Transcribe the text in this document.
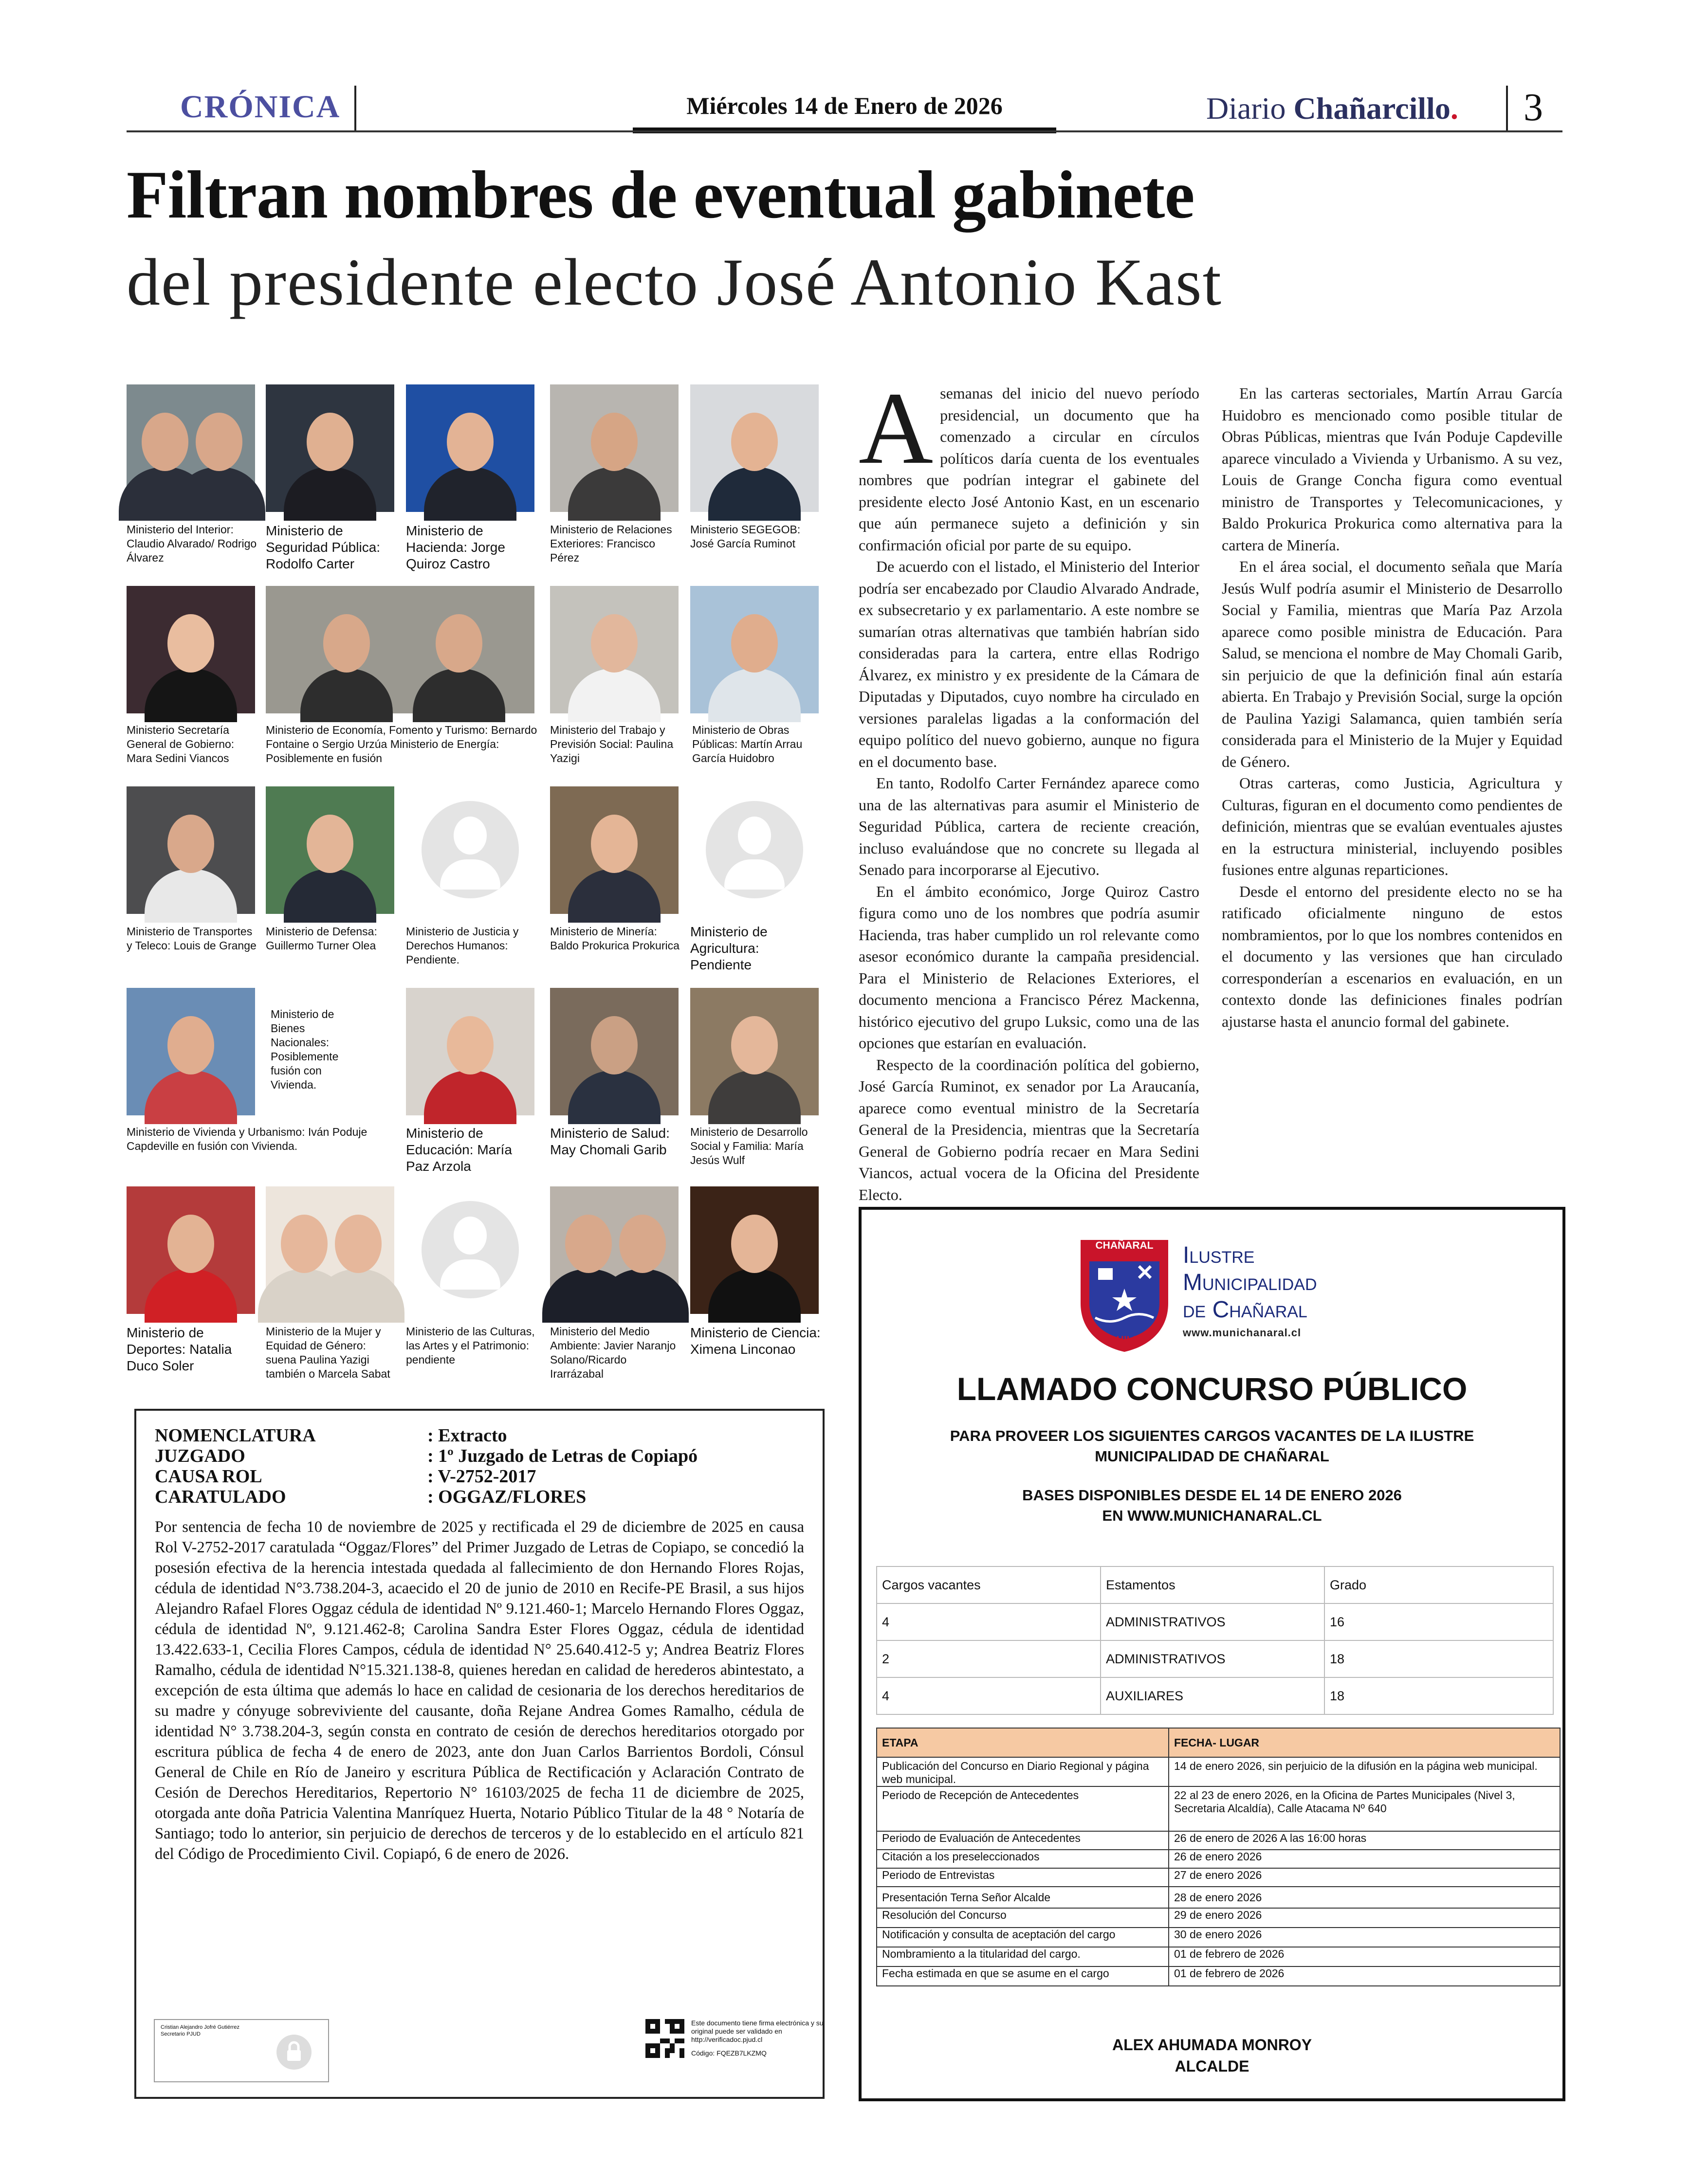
CRÓNICA	Miércoles 14 de Enero de 2026	Diario Chañarcillo. 3
Filtran nombres de eventual gabinete
del presidente electo José Antonio Kast
Ministerio del Interior: Claudio Alvarado/ Rodrigo Álvarez
Ministerio de Seguridad Pública: Rodolfo Carter
Ministerio de Hacienda: Jorge Quiroz Castro
Ministerio de Relaciones Exteriores: Francisco Pérez
Ministerio SEGEGOB: José García Ruminot
Ministerio Secretaría General de Gobierno: Mara Sedini Viancos
Ministerio de Economía, Fomento y Turismo: Bernardo Fontaine o Sergio Urzúa Ministerio de Energía: Posiblemente en fusión
Ministerio del Trabajo y Previsión Social: Paulina Yazigi
Ministerio de Obras Públicas: Martín Arrau García Huidobro
Ministerio de Transportes y Teleco: Louis de Grange
Ministerio de Defensa: Guillermo Turner Olea
Ministerio de Justicia y Derechos Humanos: Pendiente.
Ministerio de Minería: Baldo Prokurica Prokurica
Ministerio de Agricultura: Pendiente
Ministerio de Bienes Nacionales: Posiblemente fusión con Vivienda.
Ministerio de Vivienda y Urbanismo: Iván Poduje Capdeville en fusión con Vivienda.
Ministerio de Educación: María Paz Arzola
Ministerio de Salud: May Chomali Garib
Ministerio de Desarrollo Social y Familia: María Jesús Wulf
Ministerio de Deportes: Natalia Duco Soler
Ministerio de la Mujer y Equidad de Género: suena Paulina Yazigi también o Marcela Sabat
Ministerio de las Culturas, las Artes y el Patrimonio: pendiente
Ministerio del Medio Ambiente: Javier Naranjo Solano/Ricardo Irarrázabal
Ministerio de Ciencia: Ximena Linconao

Asemanas del inicio del nuevo período presidencial, un documento que ha comenzado a circular en círculos políticos daría cuenta de los eventuales nombres que podrían integrar el gabinete del presidente electo José Antonio Kast, en un escenario que aún permanece sujeto a definición y sin confirmación oficial por parte de su equipo.

De acuerdo con el listado, el Ministerio del Interior podría ser encabezado por Claudio Alvarado Andrade, ex subsecretario y ex parlamentario. A este nombre se sumarían otras alternativas que también habrían sido consideradas para la cartera, entre ellas Rodrigo Álvarez, ex ministro y ex presidente de la Cámara de Diputadas y Diputados, cuyo nombre ha circulado en versiones paralelas ligadas a la conformación del equipo político del nuevo gobierno, aunque no figura en el documento base.

En tanto, Rodolfo Carter Fernández aparece como una de las alternativas para asumir el Ministerio de Seguridad Pública, cartera de reciente creación, incluso evaluándose que no concrete su llegada al Senado para incorporarse al Ejecutivo.

En el ámbito económico, Jorge Quiroz Castro figura como uno de los nombres que podría asumir Hacienda, tras haber cumplido un rol relevante como asesor económico durante la campaña presidencial. Para el Ministerio de Relaciones Exteriores, el documento menciona a Francisco Pérez Mackenna, histórico ejecutivo del grupo Luksic, como una de las opciones que estarían en evaluación.

Respecto de la coordinación política del gobierno, José García Ruminot, ex senador por La Araucanía, aparece como eventual ministro de la Secretaría General de la Presidencia, mientras que la Secretaría General de Gobierno podría recaer en Mara Sedini Viancos, actual vocera de la Oficina del Presidente Electo.

En las carteras sectoriales, Martín Arrau García Huidobro es mencionado como posible titular de Obras Públicas, mientras que Iván Poduje Capdeville aparece vinculado a Vivienda y Urbanismo. A su vez, Louis de Grange Concha figura como eventual ministro de Transportes y Telecomunicaciones, y Baldo Prokurica Prokurica como alternativa para la cartera de Minería.

En el área social, el documento señala que María Jesús Wulf podría asumir el Ministerio de Desarrollo Social y Familia, mientras que María Paz Arzola aparece como posible ministra de Educación. Para Salud, se menciona el nombre de May Chomali Garib, sin perjuicio de que la definición final aún estaría abierta. En Trabajo y Previsión Social, surge la opción de Paulina Yazigi Salamanca, quien también sería considerada para el Ministerio de la Mujer y Equidad de Género.

Otras carteras, como Justicia, Agricultura y Culturas, figuran en el documento como pendientes de definición, mientras que se evalúan eventuales ajustes en la estructura ministerial, incluyendo posibles fusiones entre algunas reparticiones.

Desde el entorno del presidente electo no se ha ratificado oficialmente ninguno de estos nombramientos, por lo que los nombres contenidos en el documento y las versiones que han circulado corresponderían a escenarios en evaluación, en un contexto donde las definiciones finales podrían ajustarse hasta el anuncio formal del gabinete.

NOMENCLATURA	: Extracto
JUZGADO	: 1º Juzgado de Letras de Copiapó
CAUSA ROL	: V-2752-2017
CARATULADO	: OGGAZ/FLORES
Por sentencia de fecha 10 de noviembre de 2025 y rectificada el 29 de diciembre de 2025 en causa Rol V-2752-2017 caratulada “Oggaz/Flores” del Primer Juzgado de Letras de Copiapo, se concedió la posesión efectiva de la herencia intestada quedada al fallecimiento de don Hernando Flores Rojas, cédula de identidad N°3.738.204-3, acaecido el 20 de junio de 2010 en Recife-PE Brasil, a sus hijos Alejandro Rafael Flores Oggaz cédula de identidad Nº 9.121.460-1; Marcelo Hernando Flores Oggaz, cédula de identidad Nº, 9.121.462-8; Carolina Sandra Ester Flores Oggaz, cédula de identidad 13.422.633-1, Cecilia Flores Campos, cédula de identidad N° 25.640.412-5 y; Andrea Beatriz Flores Ramalho, cédula de identidad N°15.321.138-8, quienes heredan en calidad de herederos abintestato, a excepción de esta última que además lo hace en calidad de cesionaria de los derechos hereditarios de su madre y cónyuge sobreviviente del causante, doña Rejane Andrea Gomes Ramalho, cédula de identidad N° 3.738.204-3, según consta en contrato de cesión de derechos hereditarios otorgado por escritura pública de fecha 4 de enero de 2023, ante don Juan Carlos Barrientos Bordoli, Cónsul General de Chile en Río de Janeiro y escritura Pública de Rectificación y Aclaración Contrato de Cesión de Derechos Hereditarios, Repertorio N° 16103/2025 de fecha 11 de diciembre de 2025, otorgada ante doña Patricia Valentina Manríquez Huerta, Notario Público Titular de la 48 ° Notaría de Santiago; todo lo anterior, sin perjuicio de derechos de terceros y de lo establecido en el artículo 821 del Código de Procedimiento Civil. Copiapó, 6 de enero de 2026.
Cristian Alejandro Jofré Gutiérrez
Secretario PJUD
Este documento tiene firma electrónica y su original puede ser validado en http://verificadoc.pjud.cl
Código: FQEZB7LKZMQ
CHAÑARAL
CHILE
Ilustre
Municipalidad
de Chañaral
www.munichanaral.cl
LLAMADO CONCURSO PÚBLICO
PARA PROVEER LOS SIGUIENTES CARGOS VACANTES DE LA ILUSTRE
MUNICIPALIDAD DE CHAÑARAL
BASES DISPONIBLES DESDE EL 14 DE ENERO 2026
EN WWW.MUNICHANARAL.CL
Cargos vacantes	Estamentos	Grado
4	ADMINISTRATIVOS	16
2	ADMINISTRATIVOS	18
4	AUXILIARES	18
ETAPA	FECHA- LUGAR
Publicación del Concurso en Diario Regional y página web municipal.	14 de enero 2026, sin perjuicio de la difusión en la página web municipal.
Periodo de Recepción de Antecedentes	22 al 23 de enero 2026, en la Oficina de Partes Municipales (Nivel 3, Secretaria Alcaldía), Calle Atacama Nº 640
Periodo de Evaluación de Antecedentes	26 de enero de 2026 A las 16:00 horas
Citación a los preseleccionados	26 de enero 2026
Periodo de Entrevistas	27 de enero 2026
Presentación Terna Señor Alcalde	28 de enero 2026
Resolución del Concurso	29 de enero 2026
Notificación y consulta de aceptación del cargo	30 de enero 2026
Nombramiento a la titularidad del cargo.	01 de febrero de 2026
Fecha estimada en que se asume en el cargo	01 de febrero de 2026
ALEX AHUMADA MONROY
ALCALDE
